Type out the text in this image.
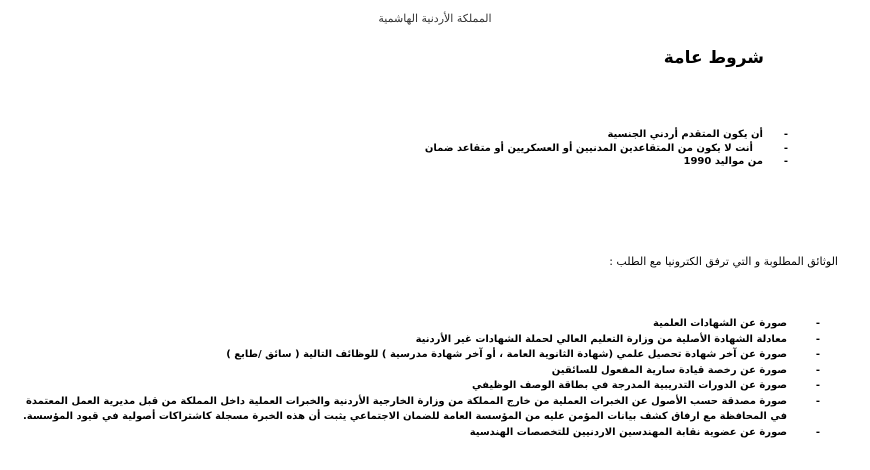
المملكة الأردنية الهاشمية
شروط عامة
- أن يكون المتقدم أردني الجنسية
- أنت لا يكون من المتقاعدين المدنيين أو العسكريين أو متقاعد ضمان
- من مواليد 1990
الوثائق المطلوبة و التي ترفق الكترونيا مع الطلب :
- صورة عن الشهادات العلمية
- معادلة الشهادة الأصلية من وزارة التعليم العالي لحملة الشهادات غير الأردنية
- صورة عن آخر شهادة تحصيل علمي (شهادة الثانوية العامة ، أو آخر شهادة مدرسية ) للوظائف التالية ( سائق /طابع )
- صورة عن رخصة قيادة سارية المفعول للسائقين
- صورة عن الدورات التدريبية المدرجة في بطاقة الوصف الوظيفي
- صورة مصدقة حسب الأصول عن الخبرات العملية من خارج المملكة من وزارة الخارجية الأردنية والخبرات العملية داخل المملكة من قبل مديرية العمل المعتمدة في المحافظة مع ارفاق كشف بيانات المؤمن عليه من المؤسسة العامة للضمان الاجتماعي يثبت أن هذه الخبرة مسجلة كاشتراكات أصولية في قيود المؤسسة.
- صورة عن عضوية نقابة المهندسين الاردنيين للتخصصات الهندسية
